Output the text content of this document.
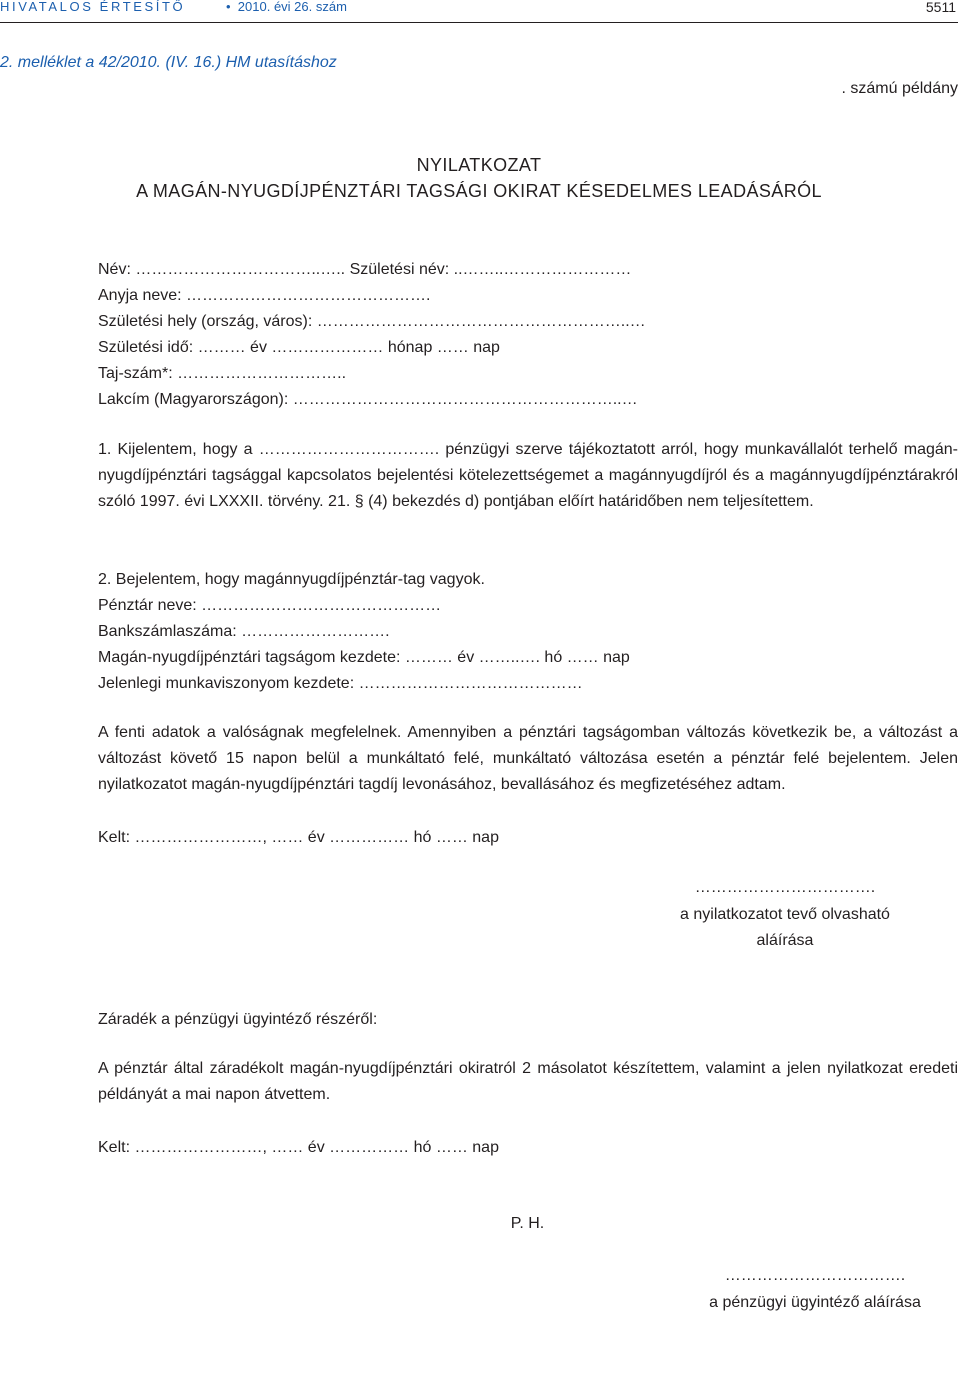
HIVATALOS ÉRTESÍTŐ	• 2010. évi 26. szám	5511
2. melléklet a 42/2010. (IV. 16.) HM utasításhoz
. számú példány
NYILATKOZAT
A MAGÁN-NYUGDÍJPÉNZTÁRI TAGSÁGI OKIRAT KÉSEDELMES LEADÁSÁRÓL
Név: ……………………………..….. Születési név: ..……..……………………
Anyja neve: ……………………………………….
Születési hely (ország, város): …………………………………………………..…
Születési idő: ……… év ………………… hónap …… nap
Taj-szám*: …………………………..
Lakcím (Magyarországon): ……………………………………………………..…
1. Kijelentem, hogy a ……………………………. pénzügyi szerve tájékoztatott arról, hogy munkavállalót terhelő magán-nyugdíjpénztári tagsággal kapcsolatos bejelentési kötelezettségemet a magánnyugdíjról és a magánnyugdíjpénztárakról szóló 1997. évi LXXXII. törvény. 21. § (4) bekezdés d) pontjában előírt határidőben nem teljesítettem.
2. Bejelentem, hogy magánnyugdíjpénztár-tag vagyok.
Pénztár neve: ………………………………………
Bankszámlaszáma: ……………………….
Magán-nyugdíjpénztári tagságom kezdete: ……… év ……..…. hó …… nap
Jelenlegi munkaviszonyom kezdete: ……………………………………
A fenti adatok a valóságnak megfelelnek. Amennyiben a pénztári tagságomban változás következik be, a változást a változást követő 15 napon belül a munkáltató felé, munkáltató változása esetén a pénztár felé bejelentem. Jelen nyilatkozatot magán-nyugdíjpénztári tagdíj levonásához, bevallásához és megfizetéséhez adtam.
Kelt: ……………………, …… év …………… hó …… nap
…………………………….
a nyilatkozatot tevő olvasható
aláírása
Záradék a pénzügyi ügyintéző részéről:
A pénztár által záradékolt magán-nyugdíjpénztári okiratról 2 másolatot készítettem, valamint a jelen nyilatkozat eredeti példányát a mai napon átvettem.
Kelt: ……………………, …… év …………… hó …… nap
P. H.
…………………………….
a pénzügyi ügyintéző aláírása
